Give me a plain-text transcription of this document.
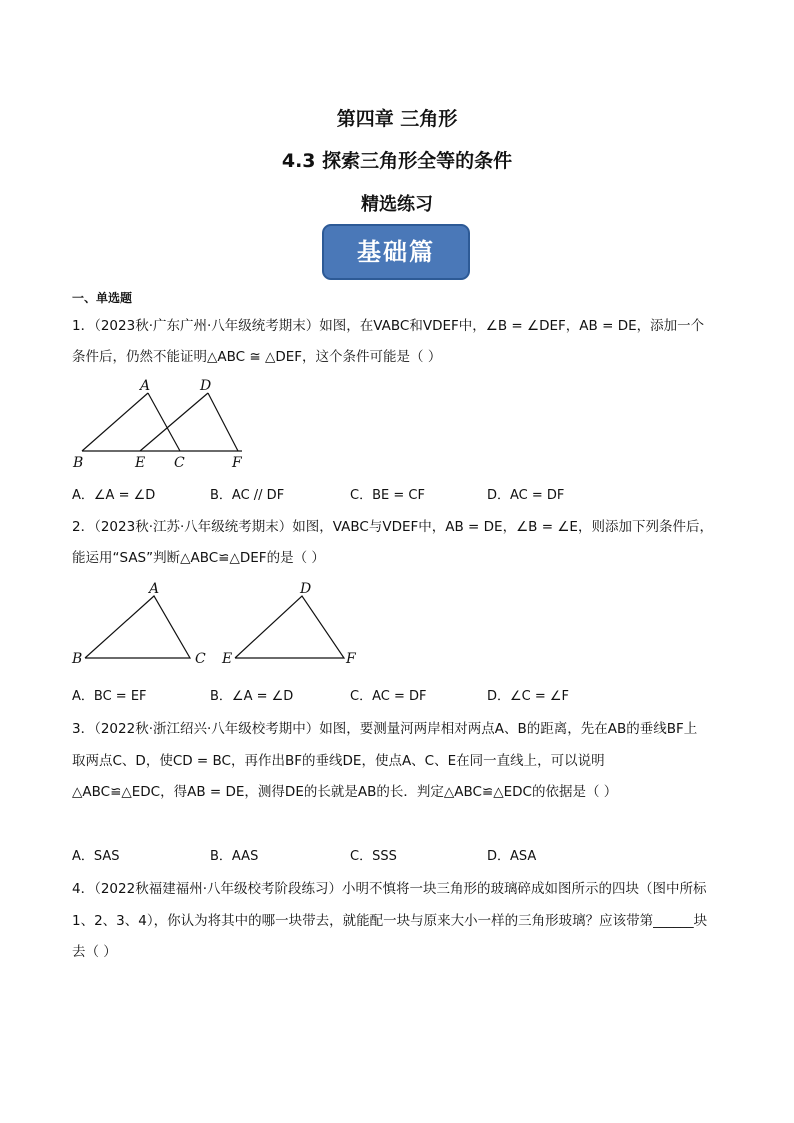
第四章 三角形
4.3 探索三角形全等的条件
精选练习
基础篇
一、单选题
1．（2023秋·广东广州·八年级统考期末）如图，在VABC和VDEF中，∠B = ∠DEF，AB = DE，添加一个
条件后，仍然不能证明△ABC ≅ △DEF，这个条件可能是（ ）
A	D
B	E C	F
A．∠A = ∠D	B．AC // DF	C．BE = CF	D．AC = DF
2．（2023秋·江苏·八年级统考期末）如图，VABC与VDEF中，AB = DE，∠B = ∠E，则添加下列条件后，
能运用“SAS”判断△ABC≌△DEF的是（ ）
A
B	C
D
E	F
A．BC = EF	B．∠A = ∠D	C．AC = DF	D．∠C = ∠F
3．（2022秋·浙江绍兴·八年级校考期中）如图，要测量河两岸相对两点A、B的距离，先在AB的垂线BF上
取两点C、D，使CD = BC，再作出BF的垂线DE，使点A、C、E在同一直线上，可以说明
△ABC≌△EDC，得AB = DE，测得DE的长就是AB的长．判定△ABC≌△EDC的依据是（ ）
A．SAS	B．AAS	C．SSS	D．ASA
4．（2022秋福建福州·八年级校考阶段练习）小明不慎将一块三角形的玻璃碎成如图所示的四块（图中所标
1、2、3、4），你认为将其中的哪一块带去，就能配一块与原来大小一样的三角形玻璃？应该带第______块
去（ ）
